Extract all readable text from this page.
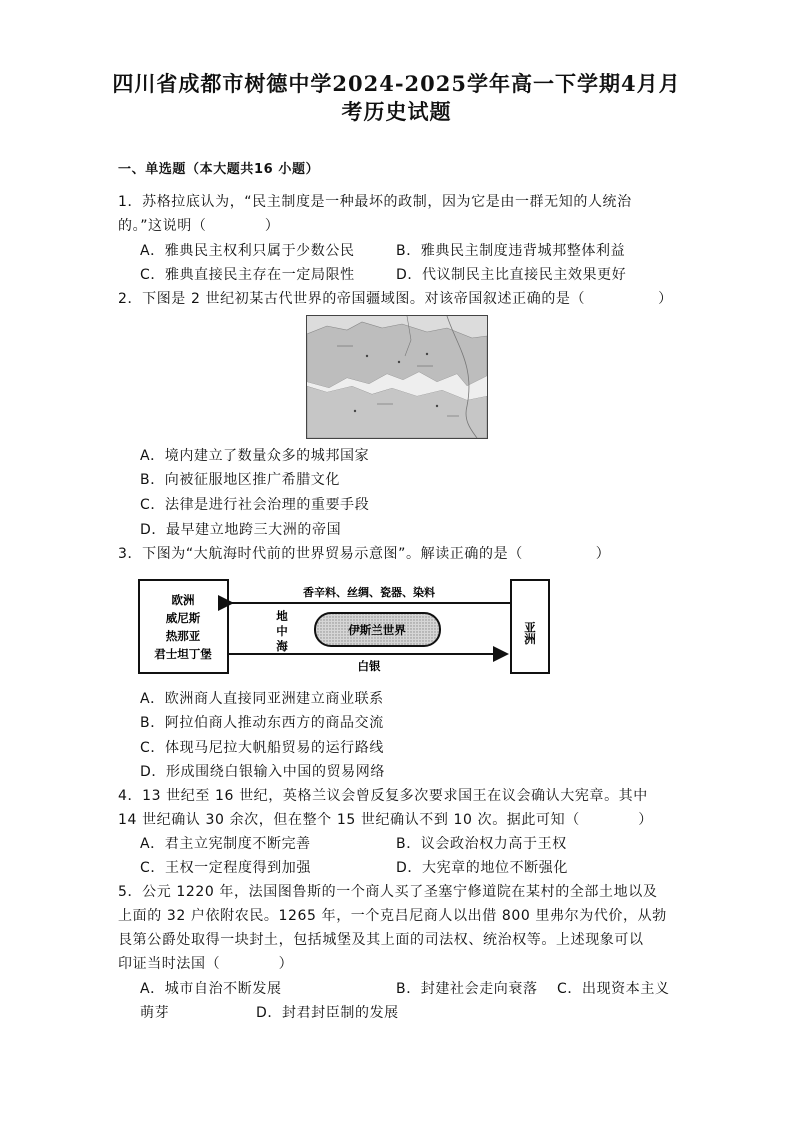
四川省成都市树德中学2024-2025学年高一下学期4月月
考历史试题
一、单选题（本大题共16 小题）
1．苏格拉底认为，“民主制度是一种最坏的政制，因为它是由一群无知的人统治
的。”这说明（　　　　）
A．雅典民主权利只属于少数公民	B．雅典民主制度违背城邦整体利益
C．雅典直接民主存在一定局限性	D．代议制民主比直接民主效果更好
2．下图是 2 世纪初某古代世界的帝国疆域图。对该帝国叙述正确的是（　　　　　）
A．境内建立了数量众多的城邦国家
B．向被征服地区推广希腊文化
C．法律是进行社会治理的重要手段
D．最早建立地跨三大洲的帝国
3．下图为“大航海时代前的世界贸易示意图”。解读正确的是（　　　　　）
欧洲
威尼斯
热那亚
君士坦丁堡
亚洲
香辛料、丝绸、瓷器、染料
地
中
海
伊斯兰世界
白银
A．欧洲商人直接同亚洲建立商业联系
B．阿拉伯商人推动东西方的商品交流
C．体现马尼拉大帆船贸易的运行路线
D．形成围绕白银输入中国的贸易网络
4．13 世纪至 16 世纪，英格兰议会曾反复多次要求国王在议会确认大宪章。其中
14 世纪确认 30 余次，但在整个 15 世纪确认不到 10 次。据此可知（　　　　）
A．君主立宪制度不断完善	B．议会政治权力高于王权
C．王权一定程度得到加强	D．大宪章的地位不断强化
5．公元 1220 年，法国图鲁斯的一个商人买了圣塞宁修道院在某村的全部土地以及
上面的 32 户依附农民。1265 年，一个克吕尼商人以出借 800 里弗尔为代价，从勃
艮第公爵处取得一块封土，包括城堡及其上面的司法权、统治权等。上述现象可以
印证当时法国（　　　　）
A．城市自治不断发展	B．封建社会走向衰落 C．出现资本主义
萌芽	D．封君封臣制的发展
